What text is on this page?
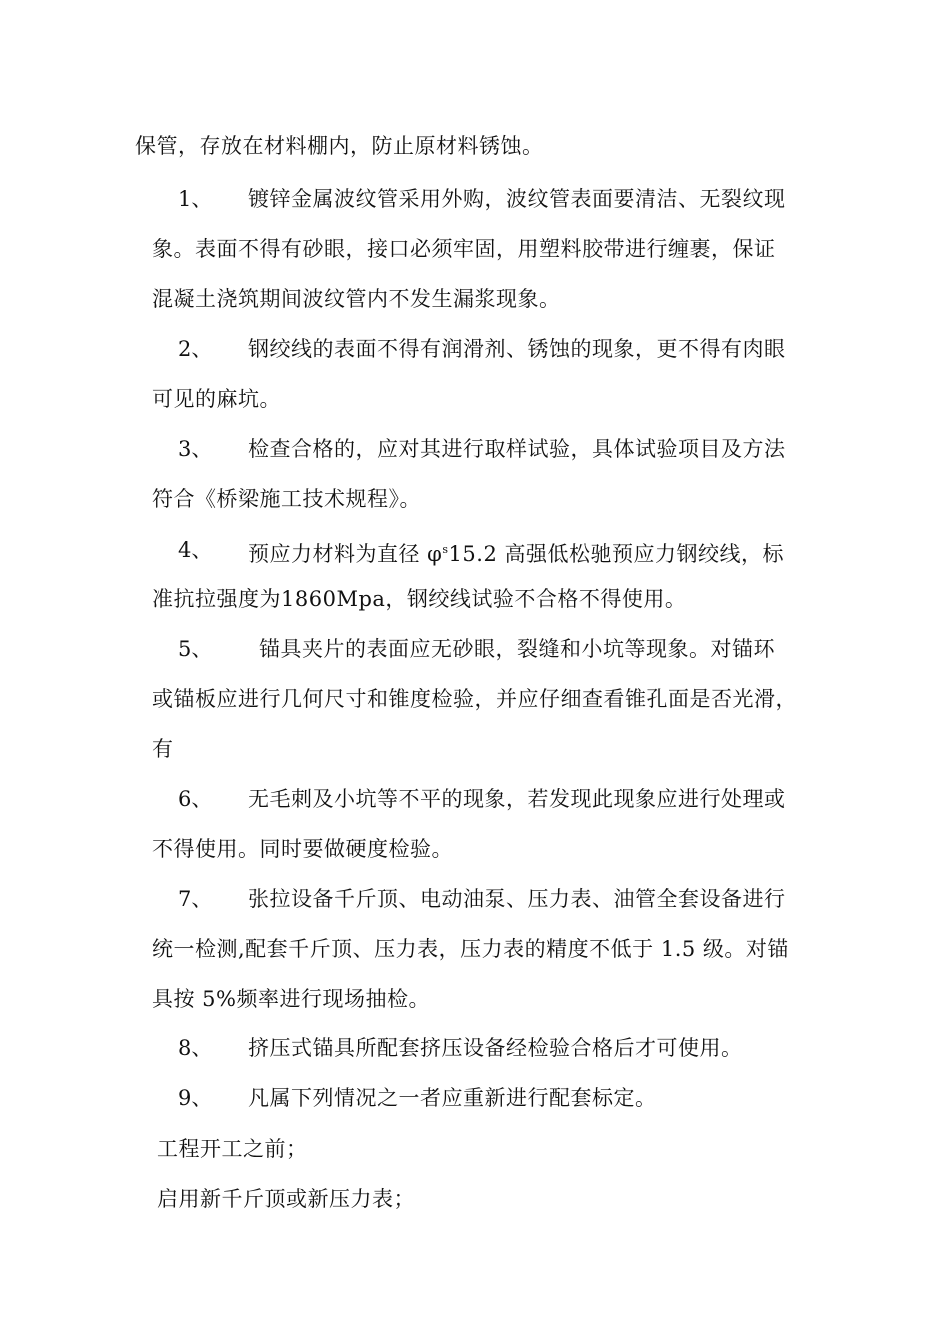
保管，存放在材料棚内，防止原材料锈蚀。
1、 镀锌金属波纹管采用外购，波纹管表面要清洁、无裂纹现
象。表面不得有砂眼，接口必须牢固，用塑料胶带进行缠裹，保证
混凝土浇筑期间波纹管内不发生漏浆现象。
2、 钢绞线的表面不得有润滑剂、锈蚀的现象，更不得有肉眼
可见的麻坑。
3、 检查合格的，应对其进行取样试验，具体试验项目及方法
符合《桥梁施工技术规程》。
4、 预应力材料为直径 $\varphi^s15.2$ 高强低松驰预应力钢绞线，标
准抗拉强度为1860Mpa，钢绞线试验不合格不得使用。
5、 锚具夹片的表面应无砂眼，裂缝和小坑等现象。对锚环
或锚板应进行几何尺寸和锥度检验，并应仔细查看锥孔面是否光滑，
有
6、 无毛刺及小坑等不平的现象，若发现此现象应进行处理或
不得使用。同时要做硬度检验。
7、 张拉设备千斤顶、电动油泵、压力表、油管全套设备进行
统一检测,配套千斤顶、压力表，压力表的精度不低于 1.5 级。对锚
具按 5%频率进行现场抽检。
8、 挤压式锚具所配套挤压设备经检验合格后才可使用。
9、 凡属下列情况之一者应重新进行配套标定。
工程开工之前；
启用新千斤顶或新压力表；
